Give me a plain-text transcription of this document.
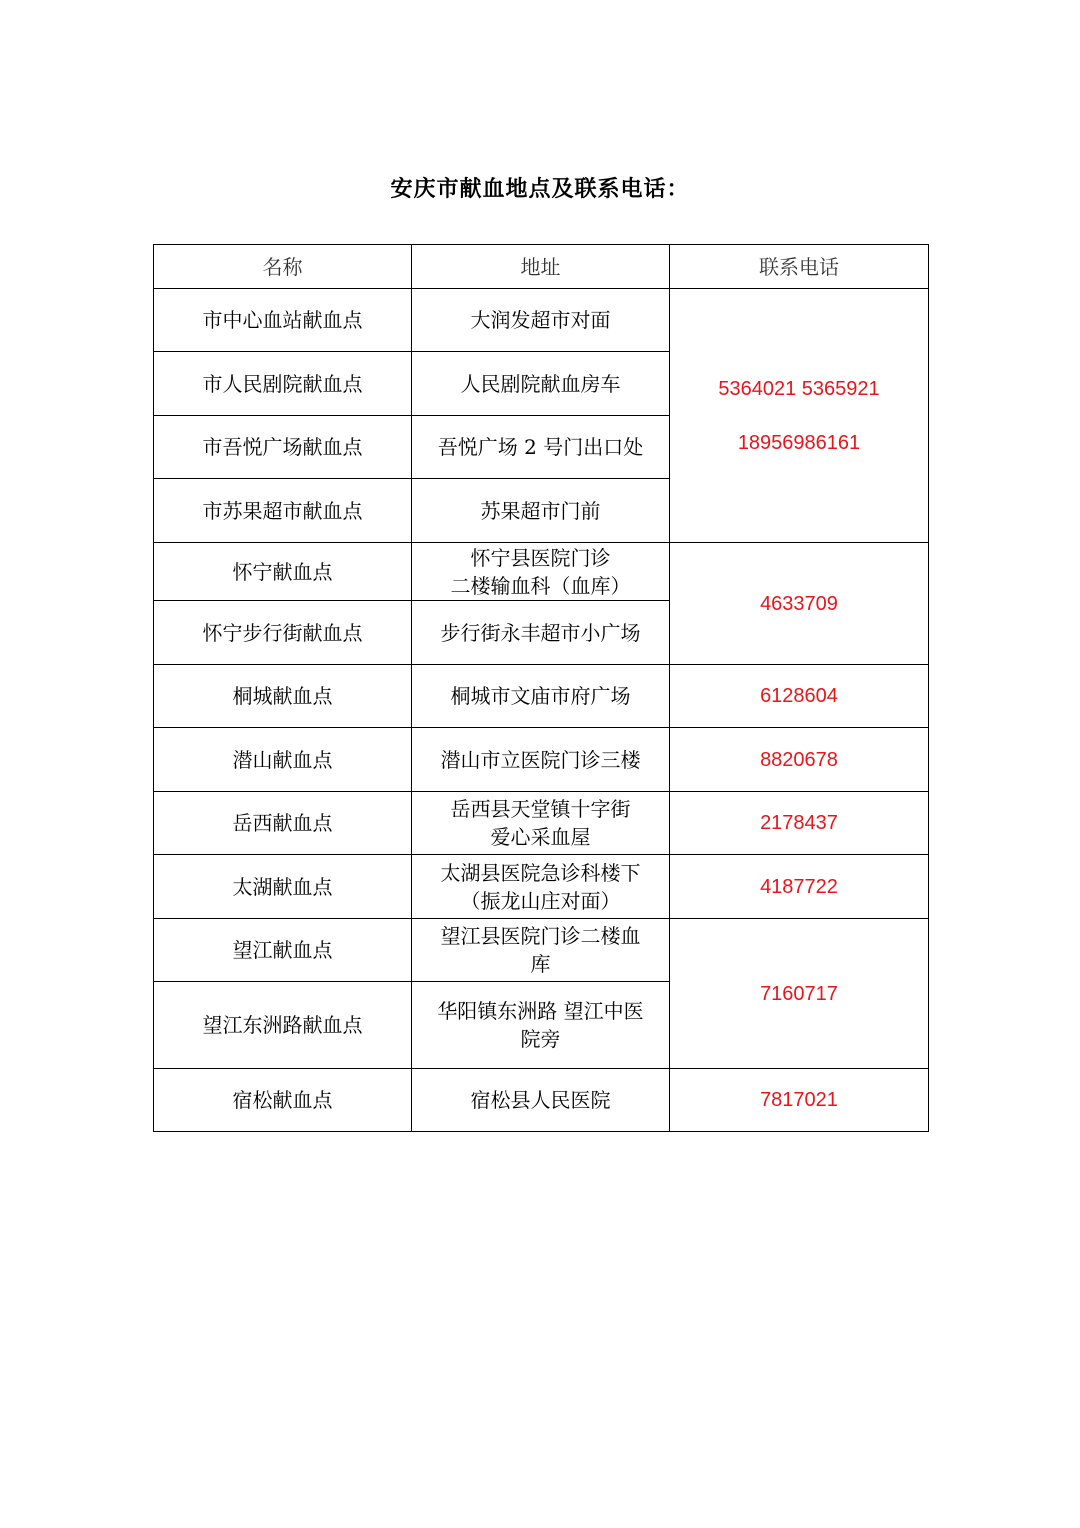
安庆市献血地点及联系电话：
名称	地址	联系电话
市中心血站献血点	大润发超市对面	5364021 5365921
18956986161

市人民剧院献血点	人民剧院献血房车	

市吾悦广场献血点	吾悦广场 2 号门出口处	

市苏果超市献血点	苏果超市门前	

怀宁献血点	怀宁县医院门诊
二楼输血科（血库）	4633709
怀宁步行街献血点	步行街永丰超市小广场	

桐城献血点	桐城市文庙市府广场	6128604
潜山献血点	潜山市立医院门诊三楼	8820678
岳西献血点	岳西县天堂镇十字街
爱心采血屋	2178437
太湖献血点	太湖县医院急诊科楼下
（振龙山庄对面）	4187722
望江献血点	望江县医院门诊二楼血
库	7160717
望江东洲路献血点	华阳镇东洲路 望江中医
院旁	

宿松献血点	宿松县人民医院	7817021
